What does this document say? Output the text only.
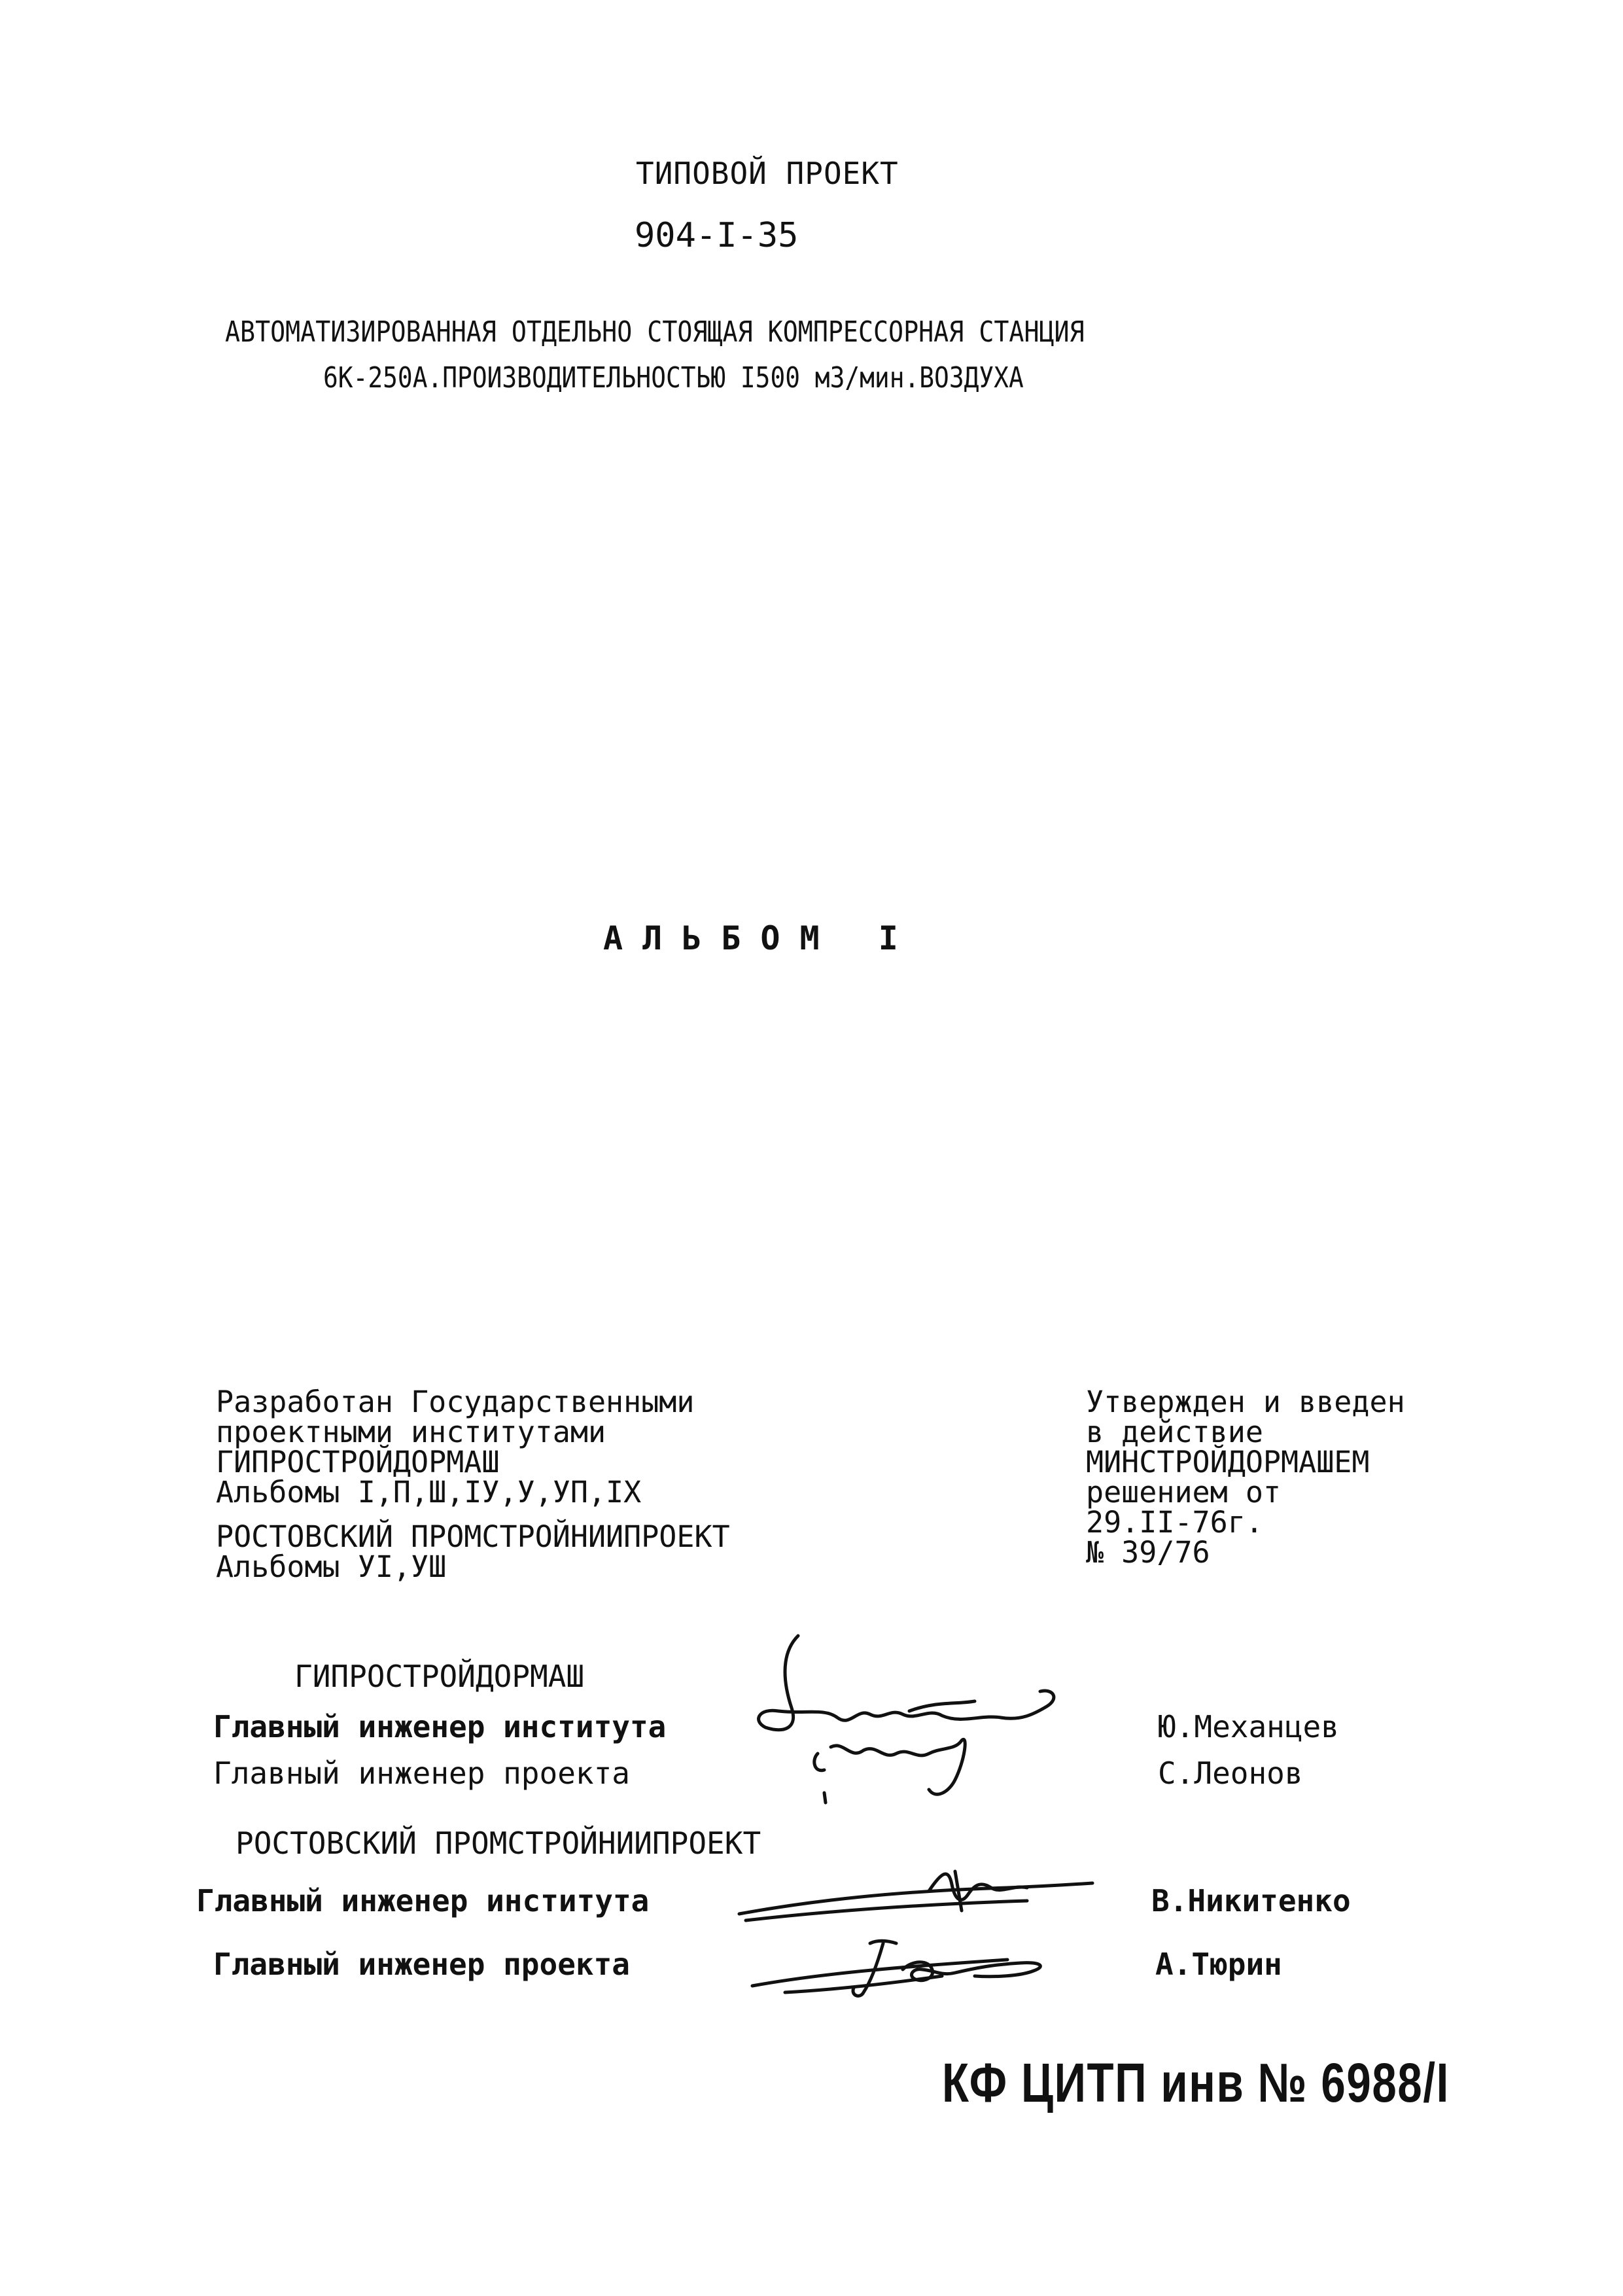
ТИПОВОЙ ПРОЕКТ
904-I-35
АВТОМАТИЗИРОВАННАЯ ОТДЕЛЬНО СТОЯЩАЯ КОМПРЕССОРНАЯ СТАНЦИЯ
6К-250А.ПРОИЗВОДИТЕЛЬНОСТЬЮ I500 м3/мин.ВОЗДУХА
АЛЬБОМ I
Разработан Государственными
проектными институтами
ГИПРОСТРОЙДОРМАШ
Альбомы I,П,Ш,IУ,У,УП,IX
РОСТОВСКИЙ ПРОМСТРОЙНИИПРОЕКТ
Альбомы УI,УШ
Утвержден и введен
в действие
МИНСТРОЙДОРМАШЕМ
решением от
29.II-76г.
№ 39/76
ГИПРОСТРОЙДОРМАШ
Главный инженер института	Ю.Механцев
Главный инженер проекта	С.Леонов
РОСТОВСКИЙ ПРОМСТРОЙНИИПРОЕКТ
Главный инженер института	В.Никитенко
Главный инженер проекта	А.Тюрин
КФ ЦИТП инв № 6988/I
